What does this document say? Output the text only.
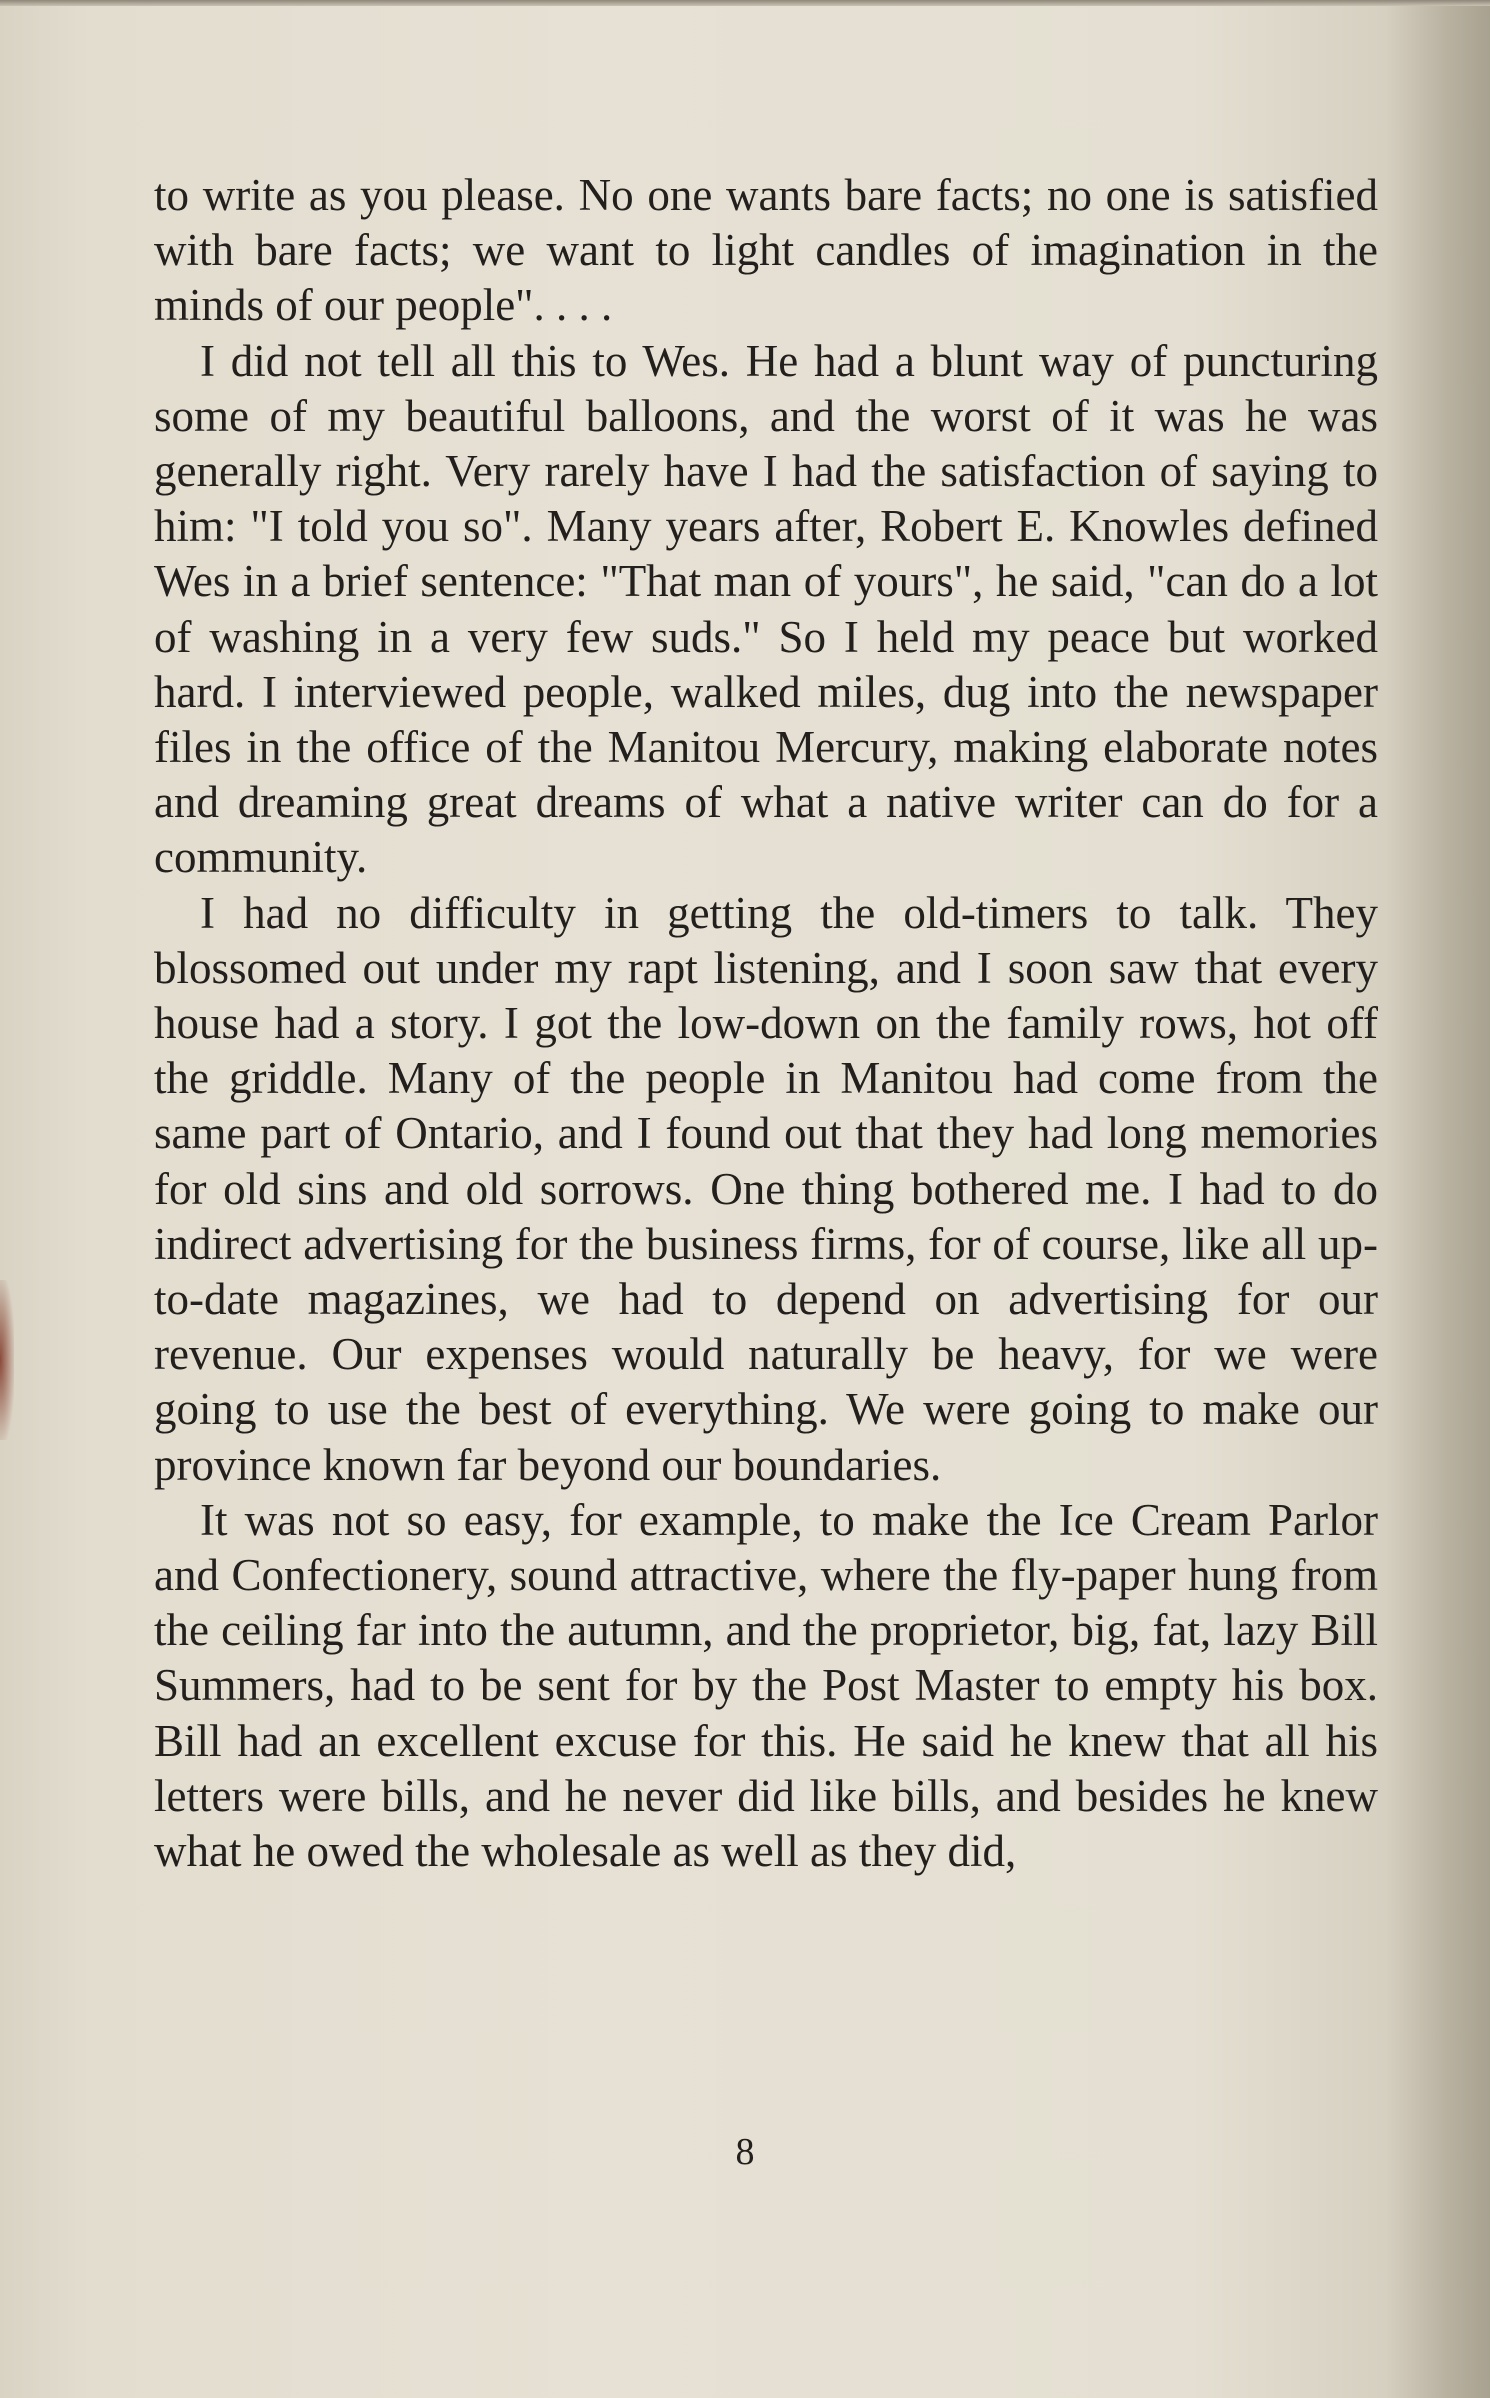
to write as you please. No one wants bare facts; no one is satisfied with bare facts; we want to light candles of imagination in the minds of our people". . . .

I did not tell all this to Wes. He had a blunt way of puncturing some of my beautiful balloons, and the worst of it was he was generally right. Very rarely have I had the satisfaction of saying to him: "I told you so". Many years after, Robert E. Knowles defined Wes in a brief sentence: "That man of yours", he said, "can do a lot of washing in a very few suds." So I held my peace but worked hard. I interviewed people, walked miles, dug into the newspaper files in the office of the Manitou Mercury, making elaborate notes and dreaming great dreams of what a native writer can do for a community.

I had no difficulty in getting the old-timers to talk. They blossomed out under my rapt listening, and I soon saw that every house had a story. I got the low-down on the family rows, hot off the griddle. Many of the people in Manitou had come from the same part of Ontario, and I found out that they had long memories for old sins and old sorrows. One thing bothered me. I had to do indirect advertising for the business firms, for of course, like all up-to-date magazines, we had to depend on advertising for our revenue. Our expenses would naturally be heavy, for we were going to use the best of everything. We were going to make our province known far beyond our boundaries.

It was not so easy, for example, to make the Ice Cream Parlor and Confectionery, sound attractive, where the fly-paper hung from the ceiling far into the autumn, and the proprietor, big, fat, lazy Bill Summers, had to be sent for by the Post Master to empty his box. Bill had an excellent excuse for this. He said he knew that all his letters were bills, and he never did like bills, and besides he knew what he owed the wholesale as well as they did,

8
